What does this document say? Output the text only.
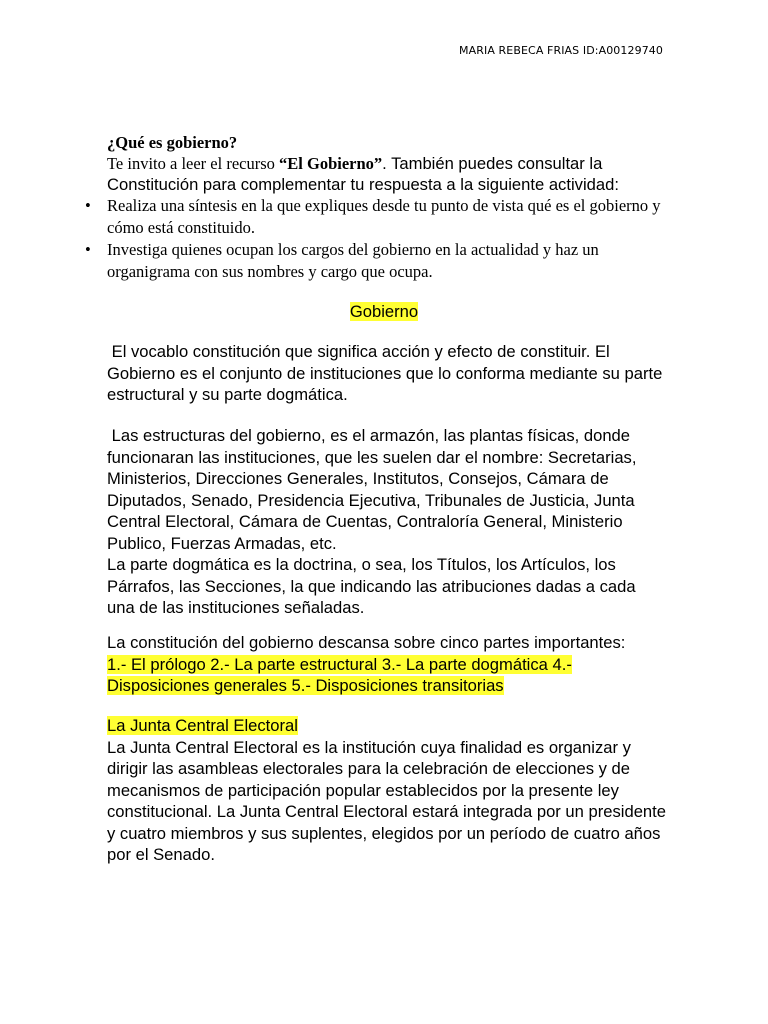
MARIA REBECA FRIAS ID:A00129740
¿Qué es gobierno?
Te invito a leer el recurso “El Gobierno”. También puedes consultar la
Constitución para complementar tu respuesta a la siguiente actividad:
• Realiza una síntesis en la que expliques desde tu punto de vista qué es el gobierno y cómo está constituido.
• Investiga quienes ocupan los cargos del gobierno en la actualidad y haz un organigrama con sus nombres y cargo que ocupa.
Gobierno

El vocablo constitución que significa acción y efecto de constituir. El Gobierno es el conjunto de instituciones que lo conforma mediante su parte estructural y su parte dogmática.

Las estructuras del gobierno, es el armazón, las plantas físicas, donde funcionaran las instituciones, que les suelen dar el nombre: Secretarias, Ministerios, Direcciones Generales, Institutos, Consejos, Cámara de Diputados, Senado, Presidencia Ejecutiva, Tribunales de Justicia, Junta Central Electoral, Cámara de Cuentas, Contraloría General, Ministerio Publico, Fuerzas Armadas, etc.

La parte dogmática es la doctrina, o sea, los Títulos, los Artículos, los Párrafos, las Secciones, la que indicando las atribuciones dadas a cada una de las instituciones señaladas.

La constitución del gobierno descansa sobre cinco partes importantes:

1.- El prólogo 2.- La parte estructural 3.- La parte dogmática 4.- Disposiciones generales 5.- Disposiciones transitorias

La Junta Central Electoral

La Junta Central Electoral es la institución cuya finalidad es organizar y dirigir las asambleas electorales para la celebración de elecciones y de mecanismos de participación popular establecidos por la presente ley constitucional. La Junta Central Electoral estará integrada por un presidente y cuatro miembros y sus suplentes, elegidos por un período de cuatro años por el Senado.
